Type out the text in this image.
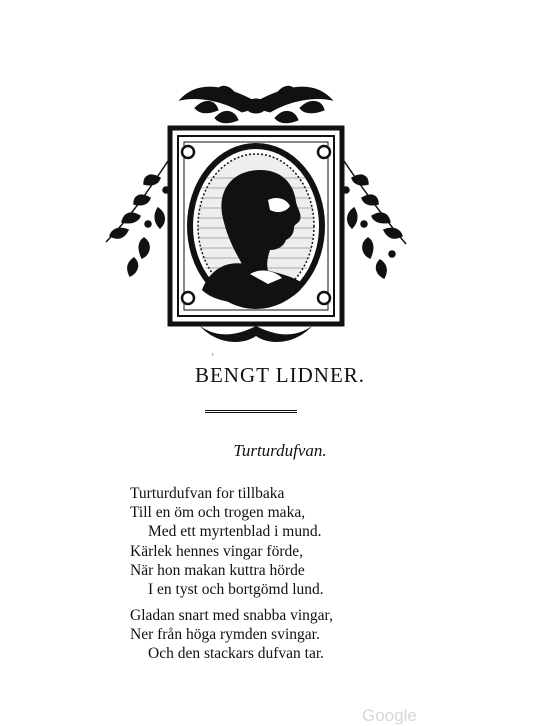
'
BENGT LIDNER.
Turturdufvan.
Turturdufvan for tillbaka
Till en öm och trogen maka,
Med ett myrtenblad i mund.
Kärlek hennes vingar förde,
När hon makan kuttra hörde
I en tyst och bortgömd lund.
Gladan snart med snabba vingar,
Ner från höga rymden svingar.
Och den stackars dufvan tar.
Google
